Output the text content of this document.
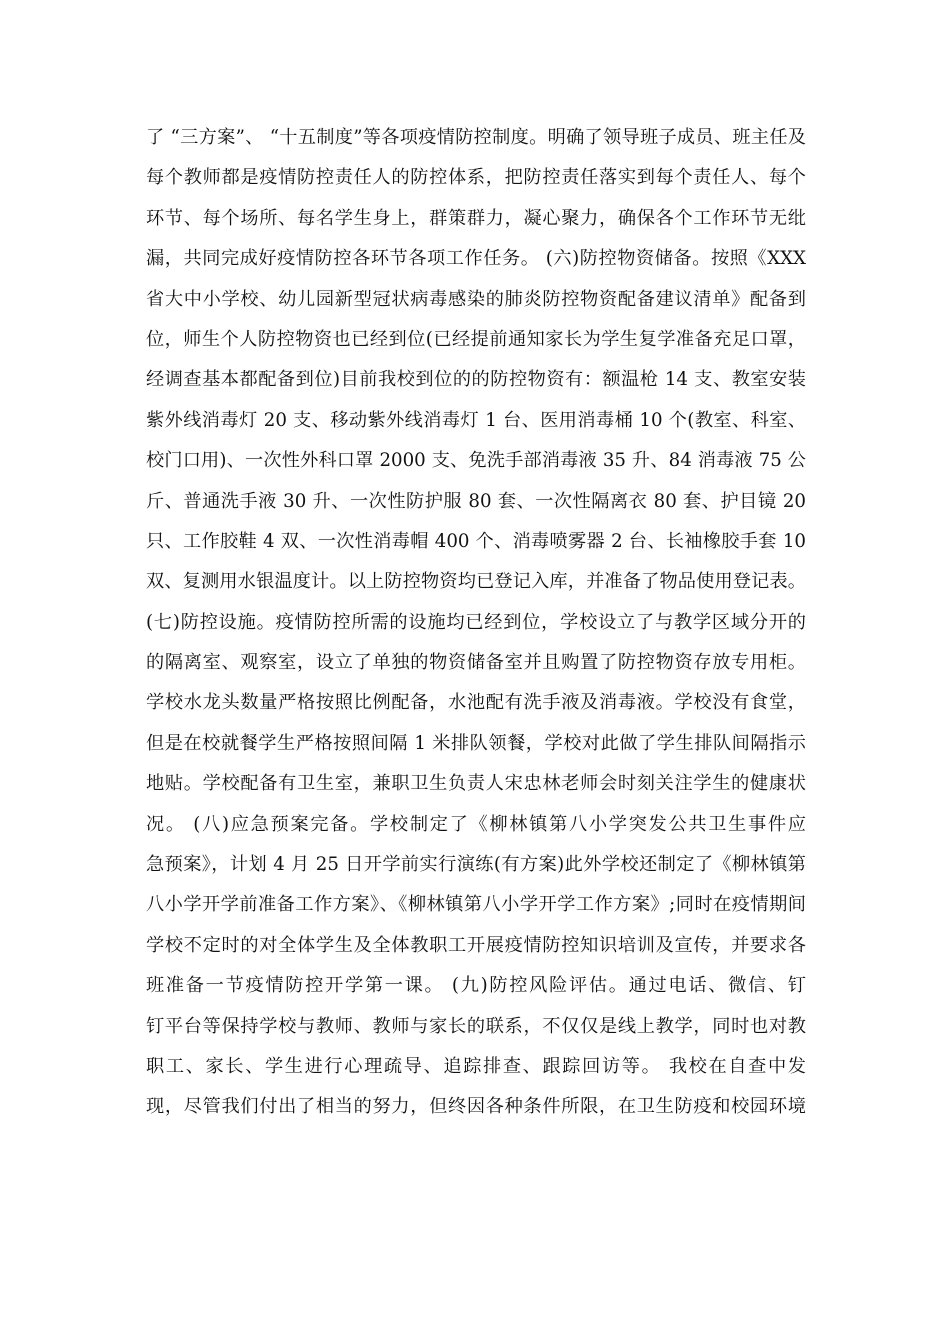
了 “三方案”、 “十五制度”等各项疫情防控制度。明确了领导班子成员、班主任及
每个教师都是疫情防控责任人的防控体系，把防控责任落实到每个责任人、每个
环节、每个场所、每名学生身上，群策群力，凝心聚力，确保各个工作环节无纰
漏，共同完成好疫情防控各环节各项工作任务。 (六)防控物资储备。按照《XXX
省大中小学校、幼儿园新型冠状病毒感染的肺炎防控物资配备建议清单》配备到
位，师生个人防控物资也已经到位(已经提前通知家长为学生复学准备充足口罩，
经调查基本都配备到位)目前我校到位的的防控物资有：额温枪 14 支、教室安装
紫外线消毒灯 20 支、移动紫外线消毒灯 1 台、医用消毒桶 10 个(教室、科室、
校门口用)、一次性外科口罩 2000 支、免洗手部消毒液 35 升、84 消毒液 75 公
斤、普通洗手液 30 升、一次性防护服 80 套、一次性隔离衣 80 套、护目镜 20
只、工作胶鞋 4 双、一次性消毒帽 400 个、消毒喷雾器 2 台、长袖橡胶手套 10
双、复测用水银温度计。以上防控物资均已登记入库，并准备了物品使用登记表。
(七)防控设施。疫情防控所需的设施均已经到位，学校设立了与教学区域分开的
的隔离室、观察室，设立了单独的物资储备室并且购置了防控物资存放专用柜。
学校水龙头数量严格按照比例配备，水池配有洗手液及消毒液。学校没有食堂，
但是在校就餐学生严格按照间隔 1 米排队领餐，学校对此做了学生排队间隔指示
地贴。学校配备有卫生室，兼职卫生负责人宋忠林老师会时刻关注学生的健康状
况。 (八)应急预案完备。学校制定了《柳林镇第八小学突发公共卫生事件应
急预案》，计划 4 月 25 日开学前实行演练(有方案)此外学校还制定了《柳林镇第
八小学开学前准备工作方案》、《柳林镇第八小学开学工作方案》;同时在疫情期间
学校不定时的对全体学生及全体教职工开展疫情防控知识培训及宣传，并要求各
班准备一节疫情防控开学第一课。 (九)防控风险评估。通过电话、微信、钉
钉平台等保持学校与教师、教师与家长的联系，不仅仅是线上教学，同时也对教
职工、家长、学生进行心理疏导、追踪排查、跟踪回访等。 我校在自查中发
现，尽管我们付出了相当的努力，但终因各种条件所限，在卫生防疫和校园环境
